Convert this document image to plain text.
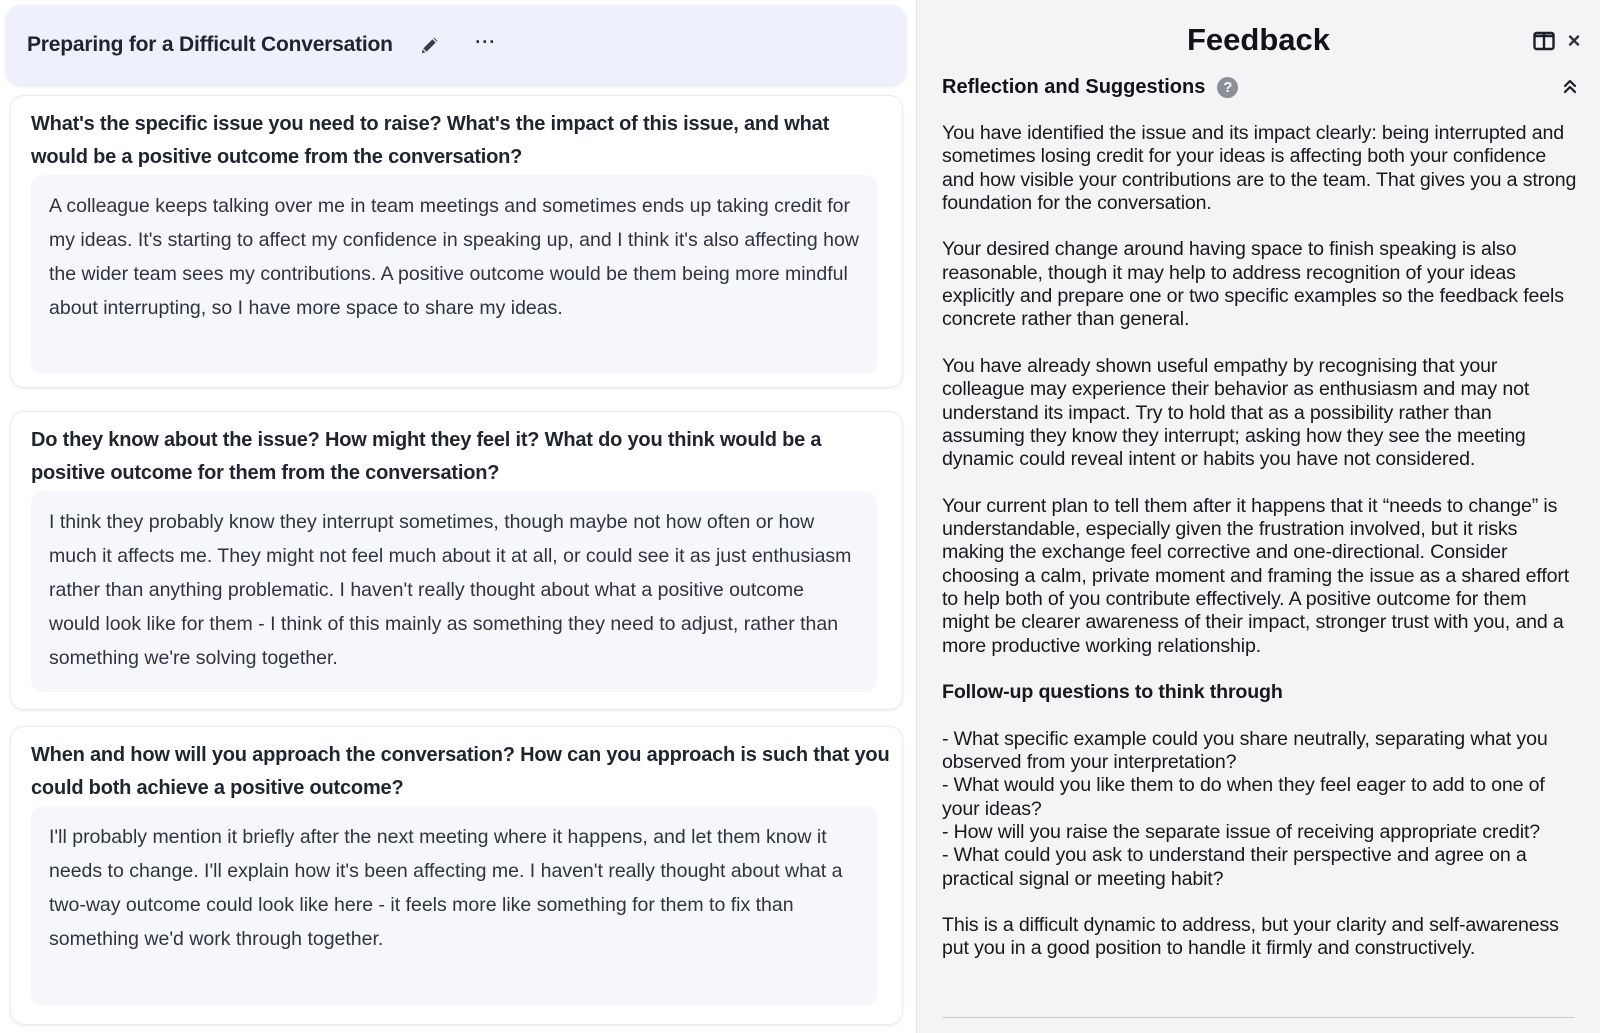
Preparing for a Difficult Conversation	···
What's the specific issue you need to raise? What's the impact of this issue, and what would be a positive outcome from the conversation?
A colleague keeps talking over me in team meetings and sometimes ends up taking credit for my ideas. It's starting to affect my confidence in speaking up, and I think it's also affecting how the wider team sees my contributions. A positive outcome would be them being more mindful about interrupting, so I have more space to share my ideas.
Do they know about the issue? How might they feel it? What do you think would be a positive outcome for them from the conversation?
I think they probably know they interrupt sometimes, though maybe not how often or how much it affects me. They might not feel much about it at all, or could see it as just enthusiasm rather than anything problematic. I haven't really thought about what a positive outcome would look like for them - I think of this mainly as something they need to adjust, rather than something we're solving together.
When and how will you approach the conversation? How can you approach is such that you could both achieve a positive outcome?
I'll probably mention it briefly after the next meeting where it happens, and let them know it needs to change. I'll explain how it's been affecting me. I haven't really thought about what a two-way outcome could look like here - it feels more like something for them to fix than something we'd work through together.
Feedback	×
Reflection and Suggestions	?

You have identified the issue and its impact clearly: being interrupted and sometimes losing credit for your ideas is affecting both your confidence and how visible your contributions are to the team. That gives you a strong foundation for the conversation.

Your desired change around having space to finish speaking is also reasonable, though it may help to address recognition of your ideas explicitly and prepare one or two specific examples so the feedback feels concrete rather than general.

You have already shown useful empathy by recognising that your colleague may experience their behavior as enthusiasm and may not understand its impact. Try to hold that as a possibility rather than assuming they know they interrupt; asking how they see the meeting dynamic could reveal intent or habits you have not considered.

Your current plan to tell them after it happens that it “needs to change” is understandable, especially given the frustration involved, but it risks making the exchange feel corrective and one-directional. Consider choosing a calm, private moment and framing the issue as a shared effort to help both of you contribute effectively. A positive outcome for them might be clearer awareness of their impact, stronger trust with you, and a more productive working relationship.

Follow-up questions to think through

- What specific example could you share neutrally, separating what you observed from your interpretation?

- What would you like them to do when they feel eager to add to one of your ideas?

- How will you raise the separate issue of receiving appropriate credit?

- What could you ask to understand their perspective and agree on a practical signal or meeting habit?

This is a difficult dynamic to address, but your clarity and self-awareness put you in a good position to handle it firmly and constructively.
